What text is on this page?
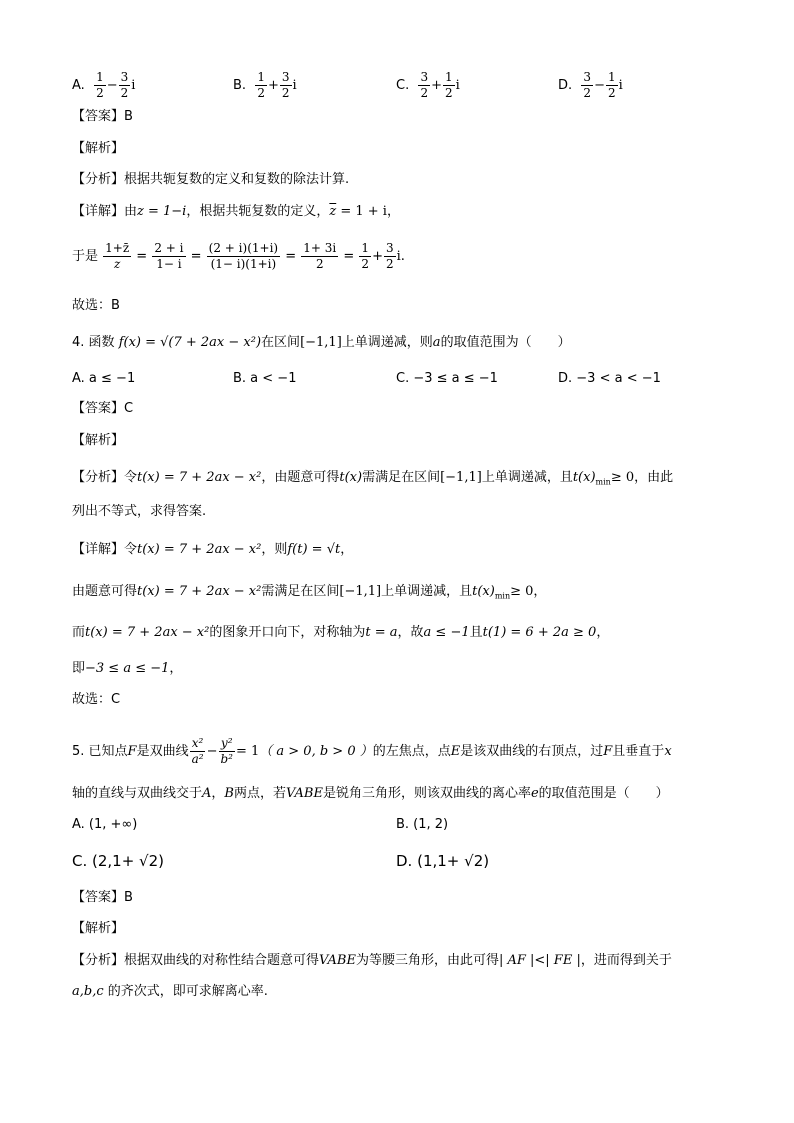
A. $\frac{1}{2} - \frac{3}{2}$ i	B. $\frac{1}{2} + \frac{3}{2}$ i	C. $\frac{3}{2} + \frac{1}{2}$ i	D. $\frac{3}{2} - \frac{1}{2}$ i
【答案】B
【解析】
【分析】根据共轭复数的定义和复数的除法计算.
【详解】由z = 1−i，根据共轭复数的定义，$\overline{z} = 1 + i$，
于是 $\frac{1+z̄}{z} = \frac{2 + i}{1- i} = \frac{(2 + i)(1+i)}{(1- i)(1+i)} = \frac{1+ 3i}{2} = \frac{1}{2} + \frac{3}{2} i$.
故选：B
4. 函数 f(x) = √(7 + 2ax − x²)在区间[−1,1]上单调递减，则a的取值范围为（　　）
A. a ≤ −1	B. a < −1	C. −3 ≤ a ≤ −1	D. −3 < a < −1
【答案】C
【解析】
【分析】令t(x) = 7 + 2ax − x²，由题意可得t(x)需满足在区间[−1,1]上单调递减，且$t(x)_{min}\ge 0$，由此
列出不等式，求得答案.
【详解】令t(x) = 7 + 2ax − x²，则f(t) = √t，
由题意可得t(x) = 7 + 2ax − x²需满足在区间[−1,1]上单调递减，且$t(x)_{min}\ge 0$，
而t(x) = 7 + 2ax − x²的图象开口向下，对称轴为t = a，故a ≤ −1且t(1) = 6 + 2a ≥ 0，
即−3 ≤ a ≤ −1，
故选：C
5. 已知点F是双曲线 $\frac{\text{x²}}{\text{a²}} - \frac{\text{y²}}{\text{b²}} = 1$（ a > 0, b > 0 ）的左焦点，点E是该双曲线的右顶点，过F且垂直于x
轴的直线与双曲线交于A，B两点，若VABE是锐角三角形，则该双曲线的离心率e的取值范围是（　　）
A. (1, +∞)	B. (1, 2)
C. (2,1+ √2)	D. (1,1+ √2)
【答案】B
【解析】
【分析】根据双曲线的对称性结合题意可得VABE为等腰三角形，由此可得| AF |<| FE |，进而得到关于
a,b,c 的齐次式，即可求解离心率.
